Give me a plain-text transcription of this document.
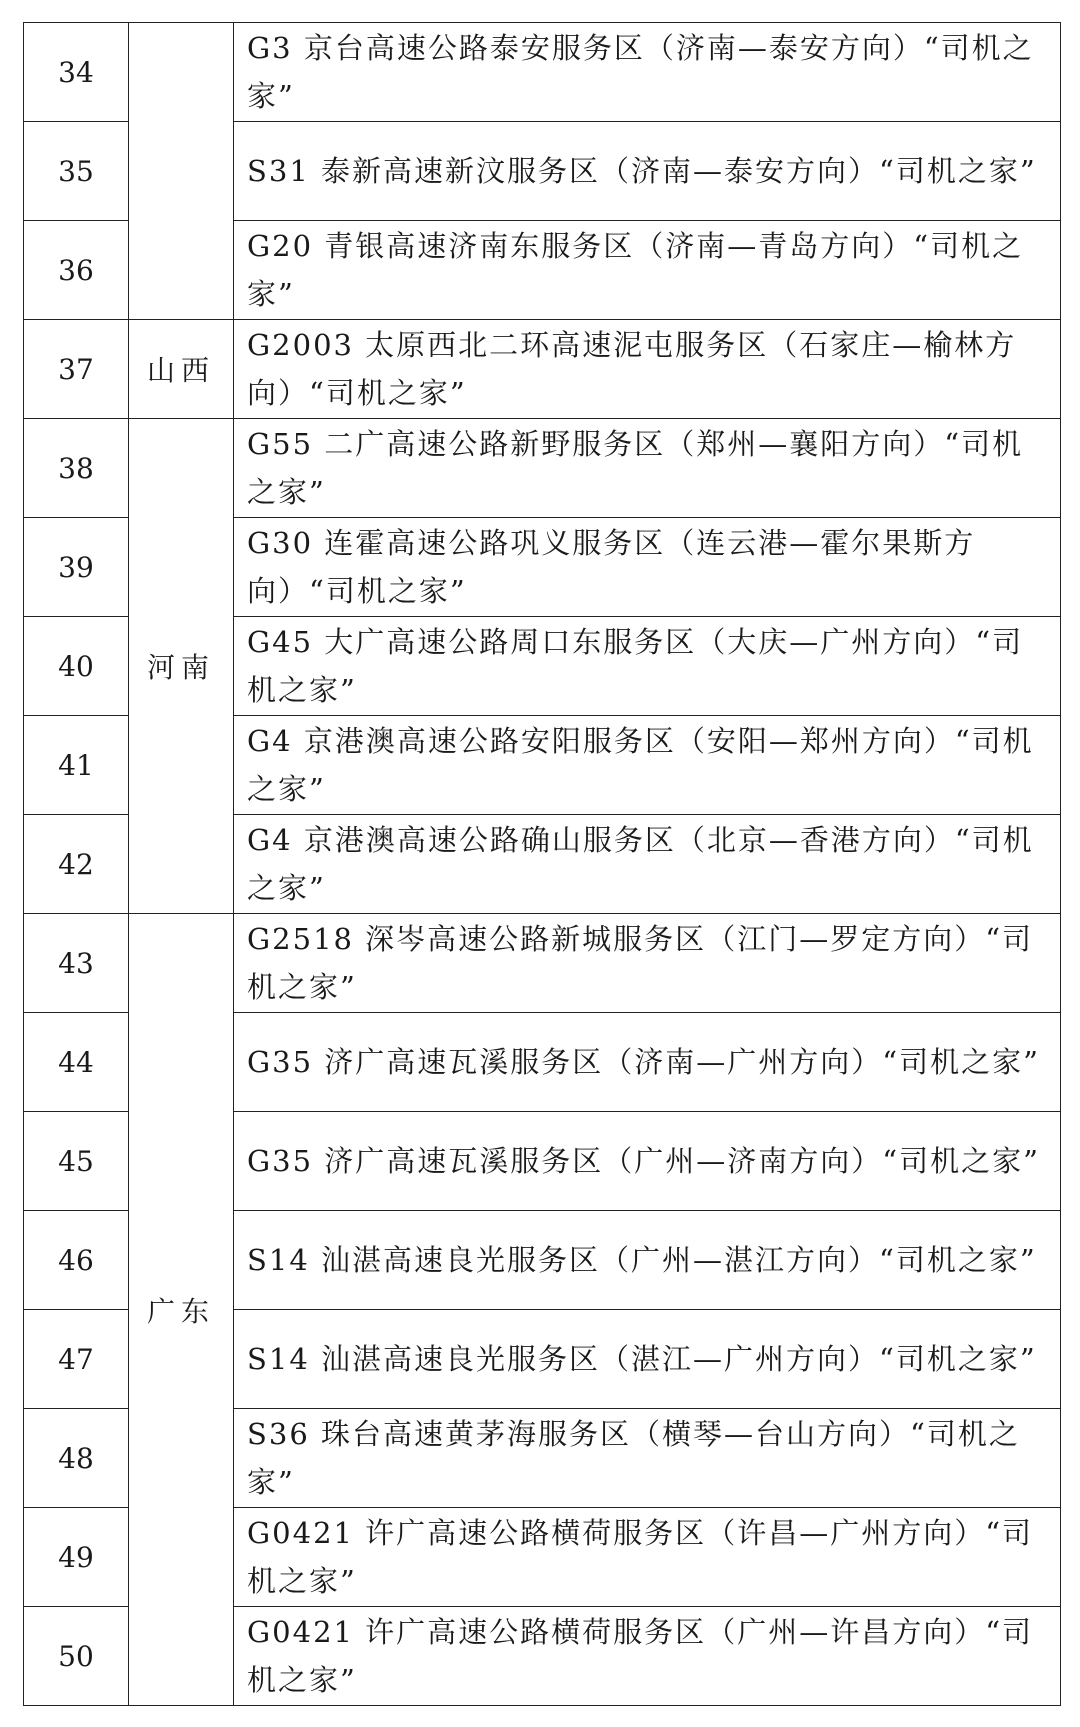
34		G3 京台高速公路泰安服务区（济南—泰安方向）“司机之家”
35		S31 泰新高速新汶服务区（济南—泰安方向）“司机之家”
36		G20 青银高速济南东服务区（济南—青岛方向）“司机之家”
37	山西	G2003 太原西北二环高速泥屯服务区（石家庄—榆林方向）“司机之家”
38	河南	G55 二广高速公路新野服务区（郑州—襄阳方向）“司机之家”
39		G30 连霍高速公路巩义服务区（连云港—霍尔果斯方向）“司机之家”
40		G45 大广高速公路周口东服务区（大庆—广州方向）“司机之家”
41		G4 京港澳高速公路安阳服务区（安阳—郑州方向）“司机之家”
42		G4 京港澳高速公路确山服务区（北京—香港方向）“司机之家”
43	广东	G2518 深岑高速公路新城服务区（江门—罗定方向）“司机之家”
44		G35 济广高速瓦溪服务区（济南—广州方向）“司机之家”
45		G35 济广高速瓦溪服务区（广州—济南方向）“司机之家”
46		S14 汕湛高速良光服务区（广州—湛江方向）“司机之家”
47		S14 汕湛高速良光服务区（湛江—广州方向）“司机之家”
48		S36 珠台高速黄茅海服务区（横琴—台山方向）“司机之家”
49		G0421 许广高速公路横荷服务区（许昌—广州方向）“司机之家”
50		G0421 许广高速公路横荷服务区（广州—许昌方向）“司机之家”
